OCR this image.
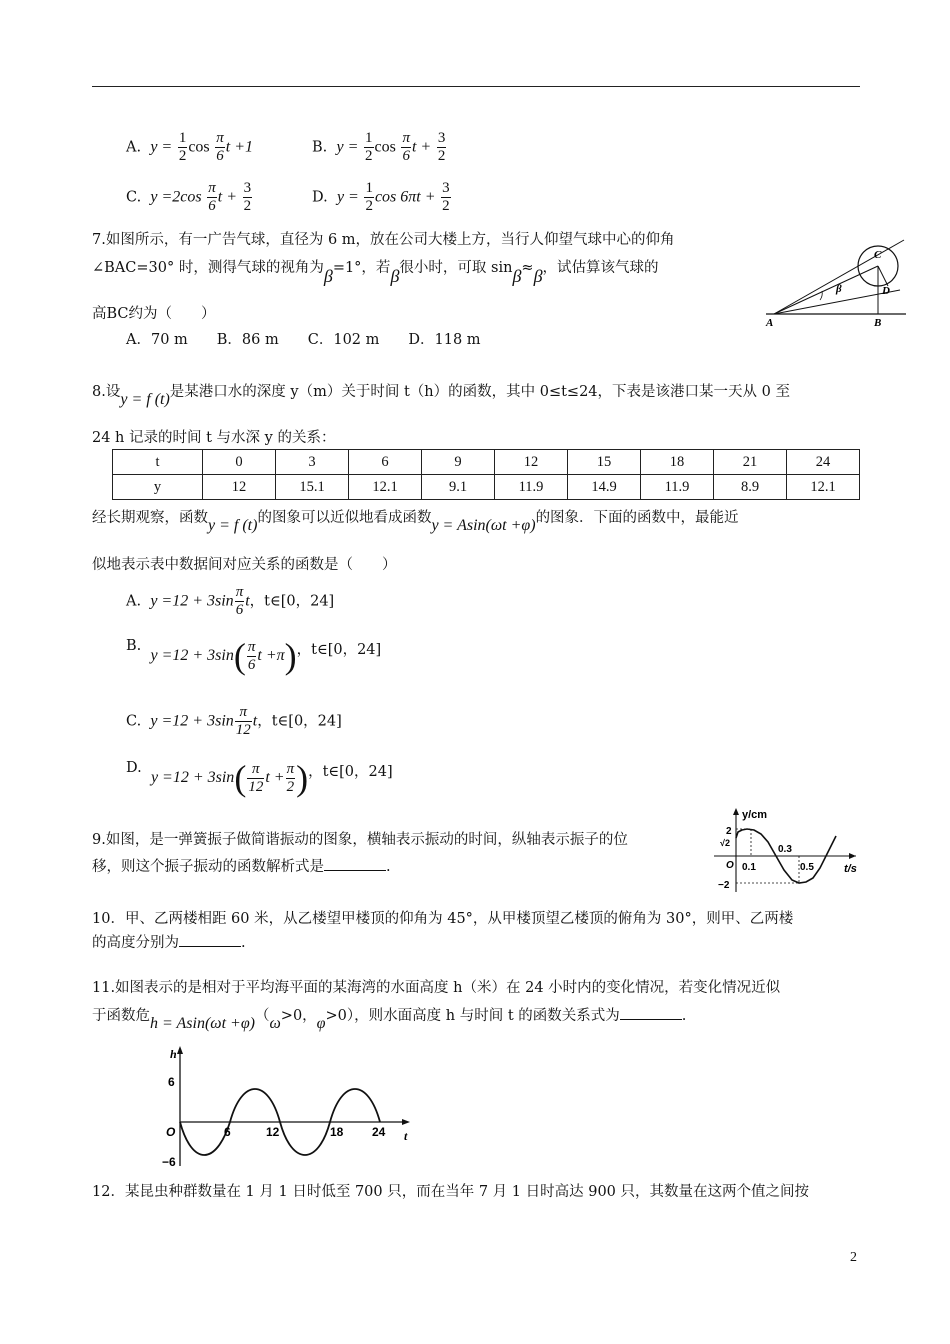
A. $y = \frac{1}{2}$ $\cos \frac{\pi}{6}$ t +1	B. $y = \frac{1}{2}$ $\cos \frac{\pi}{6}$ $t + \frac{3}{2}$
C. $y =2\cos \frac{\pi}{6}$ $t + \frac{3}{2}$	D. $y = \frac{1}{2}$ $\cos 6\pi t + \frac{3}{2}$
7.如图所示，有一广告气球，直径为 6 m，放在公司大楼上方，当行人仰望气球中心的仰角
∠BAC=30° 时，测得气球的视角为β=1°，若β很小时，可取 sinβ≈β，试估算该气球的
高BC约为（　　）
A．70 m　　B．86 m　　C．102 m　　D．118 m
C
D
A	B
β
8.设y = f (t)是某港口水的深度 y（m）关于时间 t（h）的函数，其中 0≤t≤24，下表是该港口某一天从 0 至
24 h 记录的时间 t 与水深 y 的关系：
t	0	3	6	9	12	15	18	21	24
y	12	15.1	12.1	9.1	11.9	14.9	11.9	8.9	12.1
经长期观察，函数y = f (t)的图象可以近似地看成函数y = Asin(ωt +φ)的图象．下面的函数中，最能近
似地表示表中数据间对应关系的函数是（　　）
A. $y =12 + 3\sin \frac{\pi}{6}$ t，t∈[0，24]
B.  $y =12 + 3\sin( \frac{\pi}{6}$ t +π)，t∈[0，24]
C. $y =12 + 3\sin \frac{\pi}{12}$ t，t∈[0，24]
D.  $y =12 + 3\sin( \frac{\pi}{12}$ $t + \frac{\pi}{2}$ )，t∈[0，24]
9.如图，是一弹簧振子做简谐振动的图象，横轴表示振动的时间，纵轴表示振子的位
移，则这个振子振动的函数解析式是	.
y/cm
t/s
2
√2
−2
O 0.1
0.3
0.5
10．甲、乙两楼相距 60 米，从乙楼望甲楼顶的仰角为 45°，从甲楼顶望乙楼顶的俯角为 30°，则甲、乙两楼
的高度分别为	.
11.如图表示的是相对于平均海平面的某海湾的水面高度 h（米）在 24 小时内的变化情况，若变化情况近似
于函数危h = Asin(ωt +φ)（ω>0，φ>0），则水面高度 h 与时间 t 的函数关系式为	.
h
t
6
−6
O	6	12	18 24
12．某昆虫种群数量在 1 月 1 日时低至 700 只，而在当年 7 月 1 日时高达 900 只，其数量在这两个值之间按
2
